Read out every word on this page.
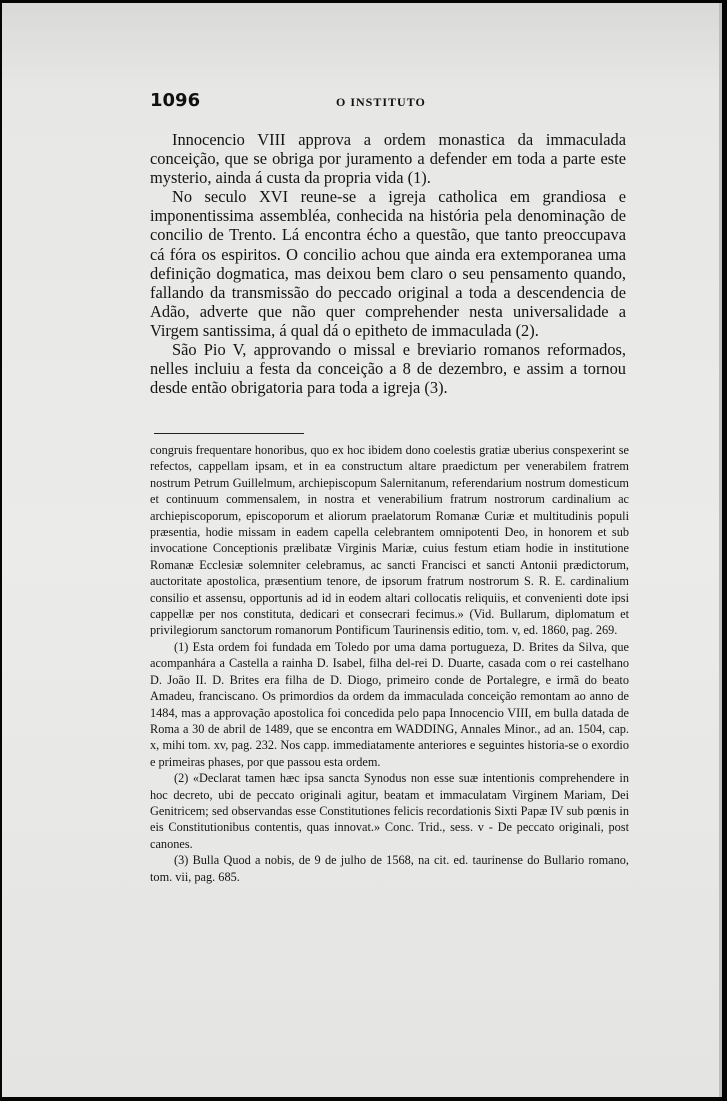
1096	O INSTITUTO

Innocencio VIII approva a ordem monastica da immaculada conceição, que se obriga por juramento a defender em toda a parte este mysterio, ainda á custa da propria vida (1).

No seculo XVI reune-se a igreja catholica em grandiosa e imponentissima assembléa, conhecida na história pela denominação de concilio de Trento. Lá encontra écho a questão, que tanto preoccupava cá fóra os espiritos. O concilio achou que ainda era extemporanea uma definição dogmatica, mas deixou bem claro o seu pensamento quando, fallando da transmissão do peccado original a toda a descendencia de Adão, adverte que não quer comprehender nesta universalidade a Virgem santissima, á qual dá o epitheto de immaculada (2).

São Pio V, approvando o missal e breviario romanos reformados, nelles incluiu a festa da conceição a 8 de dezembro, e assim a tornou desde então obrigatoria para toda a igreja (3).

congruis frequentare honoribus, quo ex hoc ibidem dono coelestis gratiæ uberius conspexerint se refectos, cappellam ipsam, et in ea constructum altare praedictum per venerabilem fratrem nostrum Petrum Guillelmum, archiepiscopum Salernitanum, referendarium nostrum domesticum et continuum commensalem, in nostra et venerabilium fratrum nostrorum cardinalium ac archiepiscoporum, episcoporum et aliorum praelatorum Romanæ Curiæ et multitudinis populi præsentia, hodie missam in eadem capella celebrantem omnipotenti Deo, in honorem et sub invocatione Conceptionis prælibatæ Virginis Mariæ, cuius festum etiam hodie in institutione Romanæ Ecclesiæ solemniter celebramus, ac sancti Francisci et sancti Antonii prædictorum, auctoritate apostolica, præsentium tenore, de ipsorum fratrum nostrorum S. R. E. cardinalium consilio et assensu, opportunis ad id in eodem altari collocatis reliquiis, et convenienti dote ipsi cappellæ per nos constituta, dedicari et consecrari fecimus.» (Vid. Bullarum, diplomatum et privilegiorum sanctorum romanorum Pontificum Taurinensis editio, tom. v, ed. 1860, pag. 269.

(1) Esta ordem foi fundada em Toledo por uma dama portugueza, D. Brites da Silva, que acompanhára a Castella a rainha D. Isabel, filha del-rei D. Duarte, casada com o rei castelhano D. João II. D. Brites era filha de D. Diogo, primeiro conde de Portalegre, e irmã do beato Amadeu, franciscano. Os primordios da ordem da immaculada conceição remontam ao anno de 1484, mas a approvação apostolica foi concedida pelo papa Innocencio VIII, em bulla datada de Roma a 30 de abril de 1489, que se encontra em WADDING, Annales Minor., ad an. 1504, cap. x, mihi tom. xv, pag. 232. Nos capp. immediatamente anteriores e seguintes historia-se o exordio e primeiras phases, por que passou esta ordem.

(2) «Declarat tamen hæc ipsa sancta Synodus non esse suæ intentionis comprehendere in hoc decreto, ubi de peccato originali agitur, beatam et immaculatam Virginem Mariam, Dei Genitricem; sed observandas esse Constitutiones felicis recordationis Sixti Papæ IV sub pœnis in eis Constitutionibus contentis, quas innovat.» Conc. Trid., sess. v - De peccato originali, post canones.

(3) Bulla Quod a nobis, de 9 de julho de 1568, na cit. ed. taurinense do Bullario romano, tom. vii, pag. 685.
